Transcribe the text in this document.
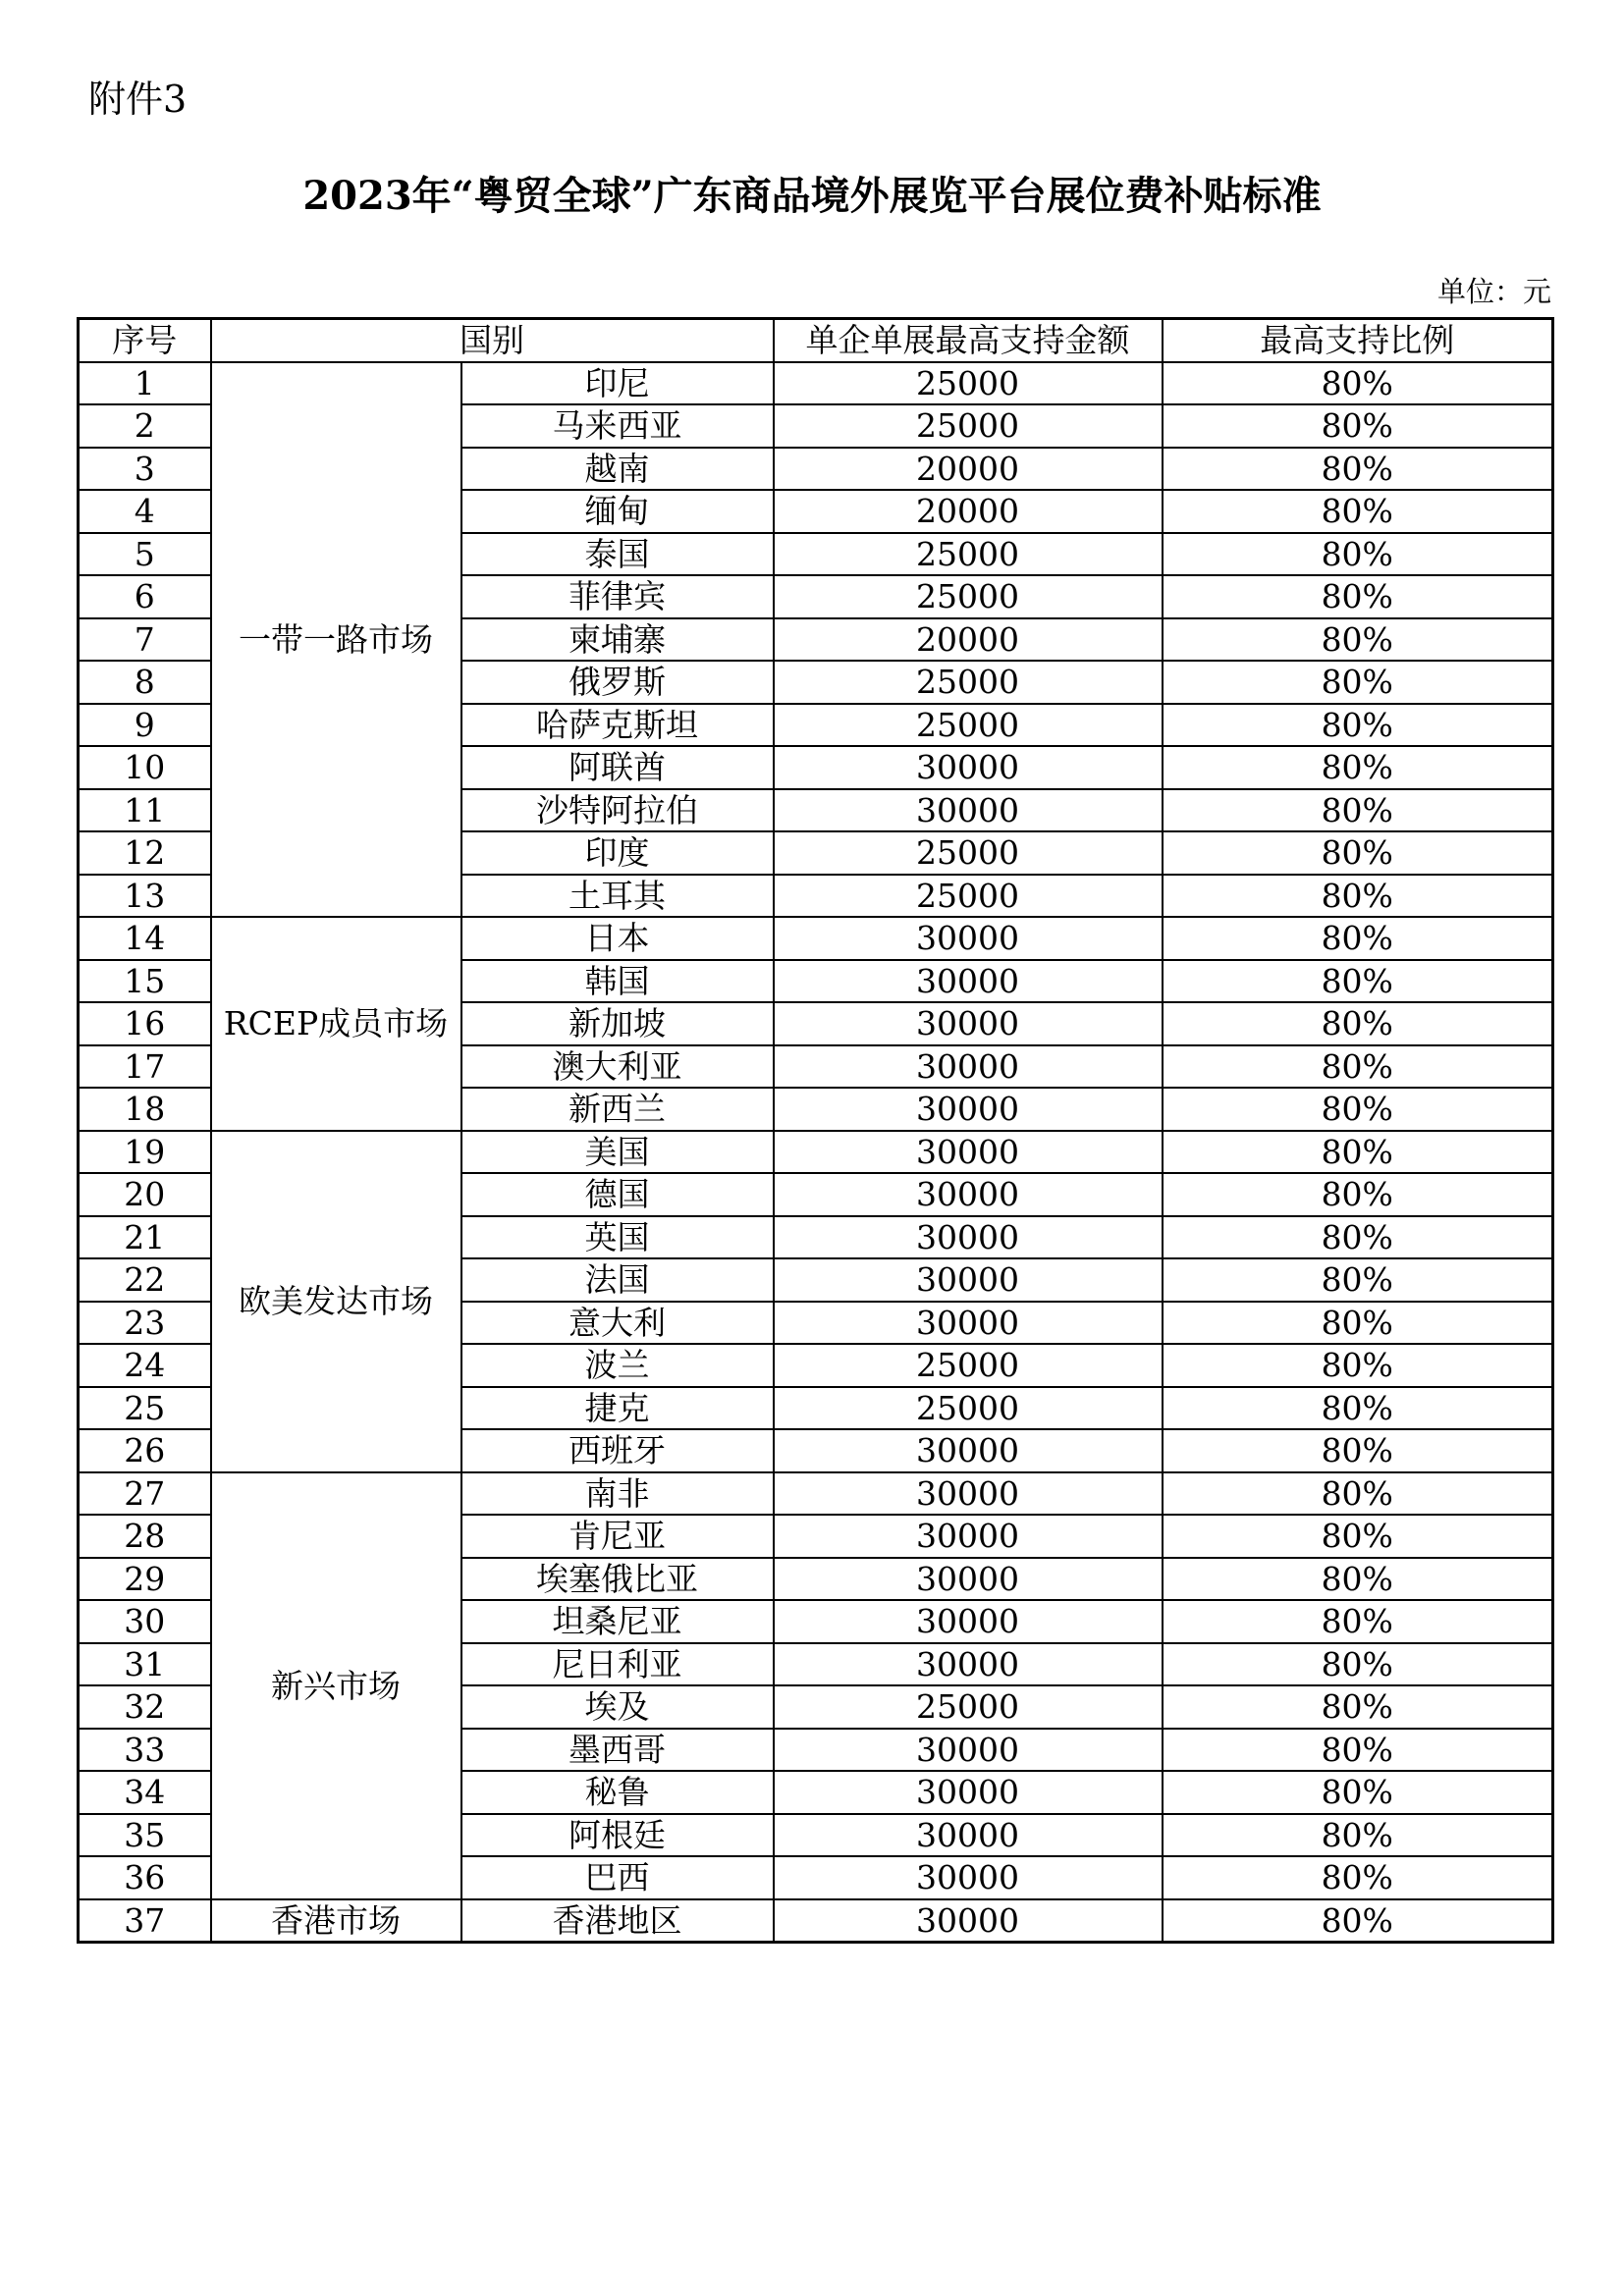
附件3
2023年“粤贸全球”广东商品境外展览平台展位费补贴标准
单位：元
序号	国别		单企单展最高支持金额	最高支持比例
1	一带一路市场	印尼	25000	80%
2		马来西亚	25000	80%
3		越南	20000	80%
4		缅甸	20000	80%
5		泰国	25000	80%
6		菲律宾	25000	80%
7		柬埔寨	20000	80%
8		俄罗斯	25000	80%
9		哈萨克斯坦	25000	80%
10		阿联酋	30000	80%
11		沙特阿拉伯	30000	80%
12		印度	25000	80%
13		土耳其	25000	80%
14	RCEP成员市场	日本	30000	80%
15		韩国	30000	80%
16		新加坡	30000	80%
17		澳大利亚	30000	80%
18		新西兰	30000	80%
19	欧美发达市场	美国	30000	80%
20		德国	30000	80%
21		英国	30000	80%
22		法国	30000	80%
23		意大利	30000	80%
24		波兰	25000	80%
25		捷克	25000	80%
26		西班牙	30000	80%
27	新兴市场	南非	30000	80%
28		肯尼亚	30000	80%
29		埃塞俄比亚	30000	80%
30		坦桑尼亚	30000	80%
31		尼日利亚	30000	80%
32		埃及	25000	80%
33		墨西哥	30000	80%
34		秘鲁	30000	80%
35		阿根廷	30000	80%
36		巴西	30000	80%
37	香港市场	香港地区	30000	80%
